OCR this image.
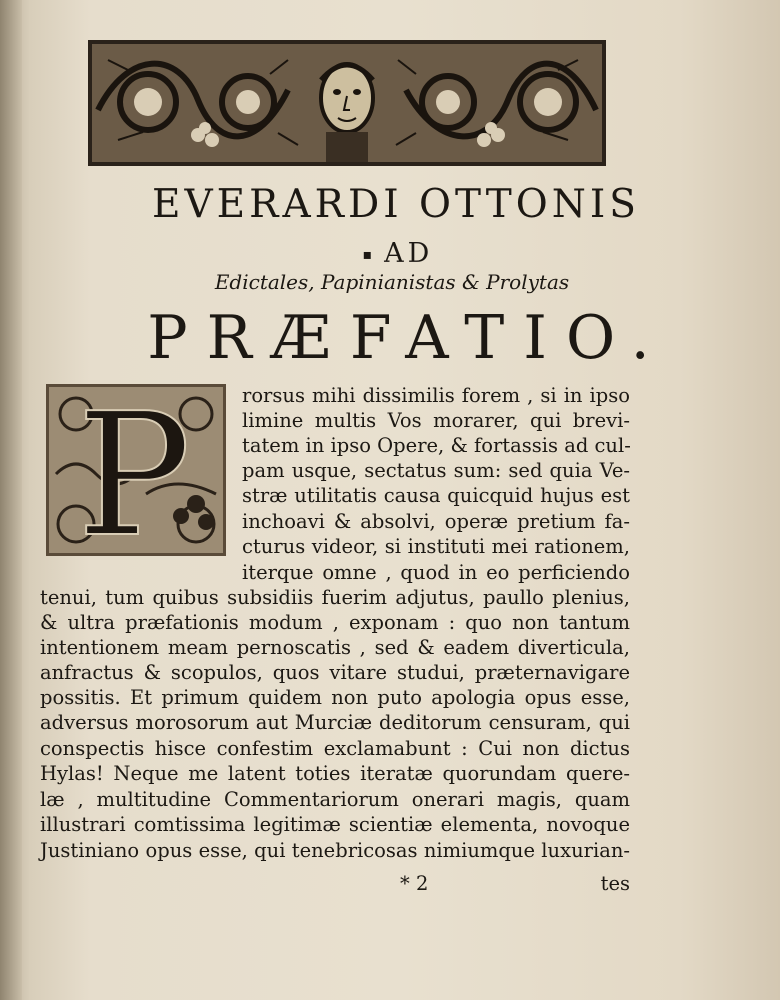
EVERARDI OTTONIS
▪ AD
Edictales, Papinianistas & Prolytas
PRÆFATIO.
P	rorsus mihi dissimilis forem , si in ipso

limine multis Vos morarer, qui brevi-

tatem in ipso Opere, & fortassis ad cul-

pam usque, sectatus sum: sed quia Ve-

stræ utilitatis causa quicquid hujus est

inchoavi & absolvi, operæ pretium fa-

cturus videor, si instituti mei rationem,

iterque omne , quod in eo perficiendo

tenui, tum quibus subsidiis fuerim adjutus, paullo plenius,

& ultra præfationis modum , exponam : quo non tantum

intentionem meam pernoscatis , sed & eadem diverticula,

anfractus & scopulos, quos vitare studui, præternavigare

possitis. Et primum quidem non puto apologia opus esse,

adversus morosorum aut Murciæ deditorum censuram, qui

conspectis hisce confestim exclamabunt : Cui non dictus

Hylas! Neque me latent toties iteratæ quorundam quere-

læ , multitudine Commentariorum onerari magis, quam

illustrari comtissima legitimæ scientiæ elementa, novoque

Justiniano opus esse, qui tenebricosas nimiumque luxurian-

* 2	tes
